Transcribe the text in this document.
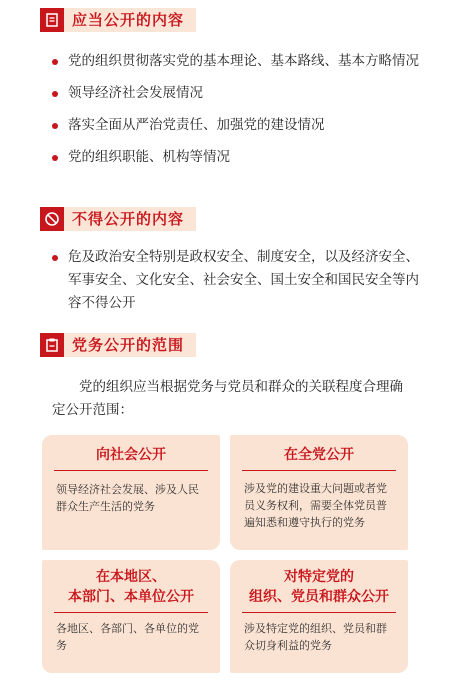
应当公开的内容
党的组织贯彻落实党的基本理论、基本路线、基本方略情况
领导经济社会发展情况
落实全面从严治党责任、加强党的建设情况
党的组织职能、机构等情况
不得公开的内容
危及政治安全特别是政权安全、制度安全，以及经济安全、军事安全、文化安全、社会安全、国土安全和国民安全等内容不得公开
党务公开的范围
党的组织应当根据党务与党员和群众的关联程度合理确定公开范围：
向社会公开
领导经济社会发展、涉及人民群众生产生活的党务
在全党公开
涉及党的建设重大问题或者党员义务权利，需要全体党员普遍知悉和遵守执行的党务
在本地区、
本部门、本单位公开
各地区、各部门、各单位的党务
对特定党的
组织、党员和群众公开
涉及特定党的组织、党员和群众切身利益的党务
